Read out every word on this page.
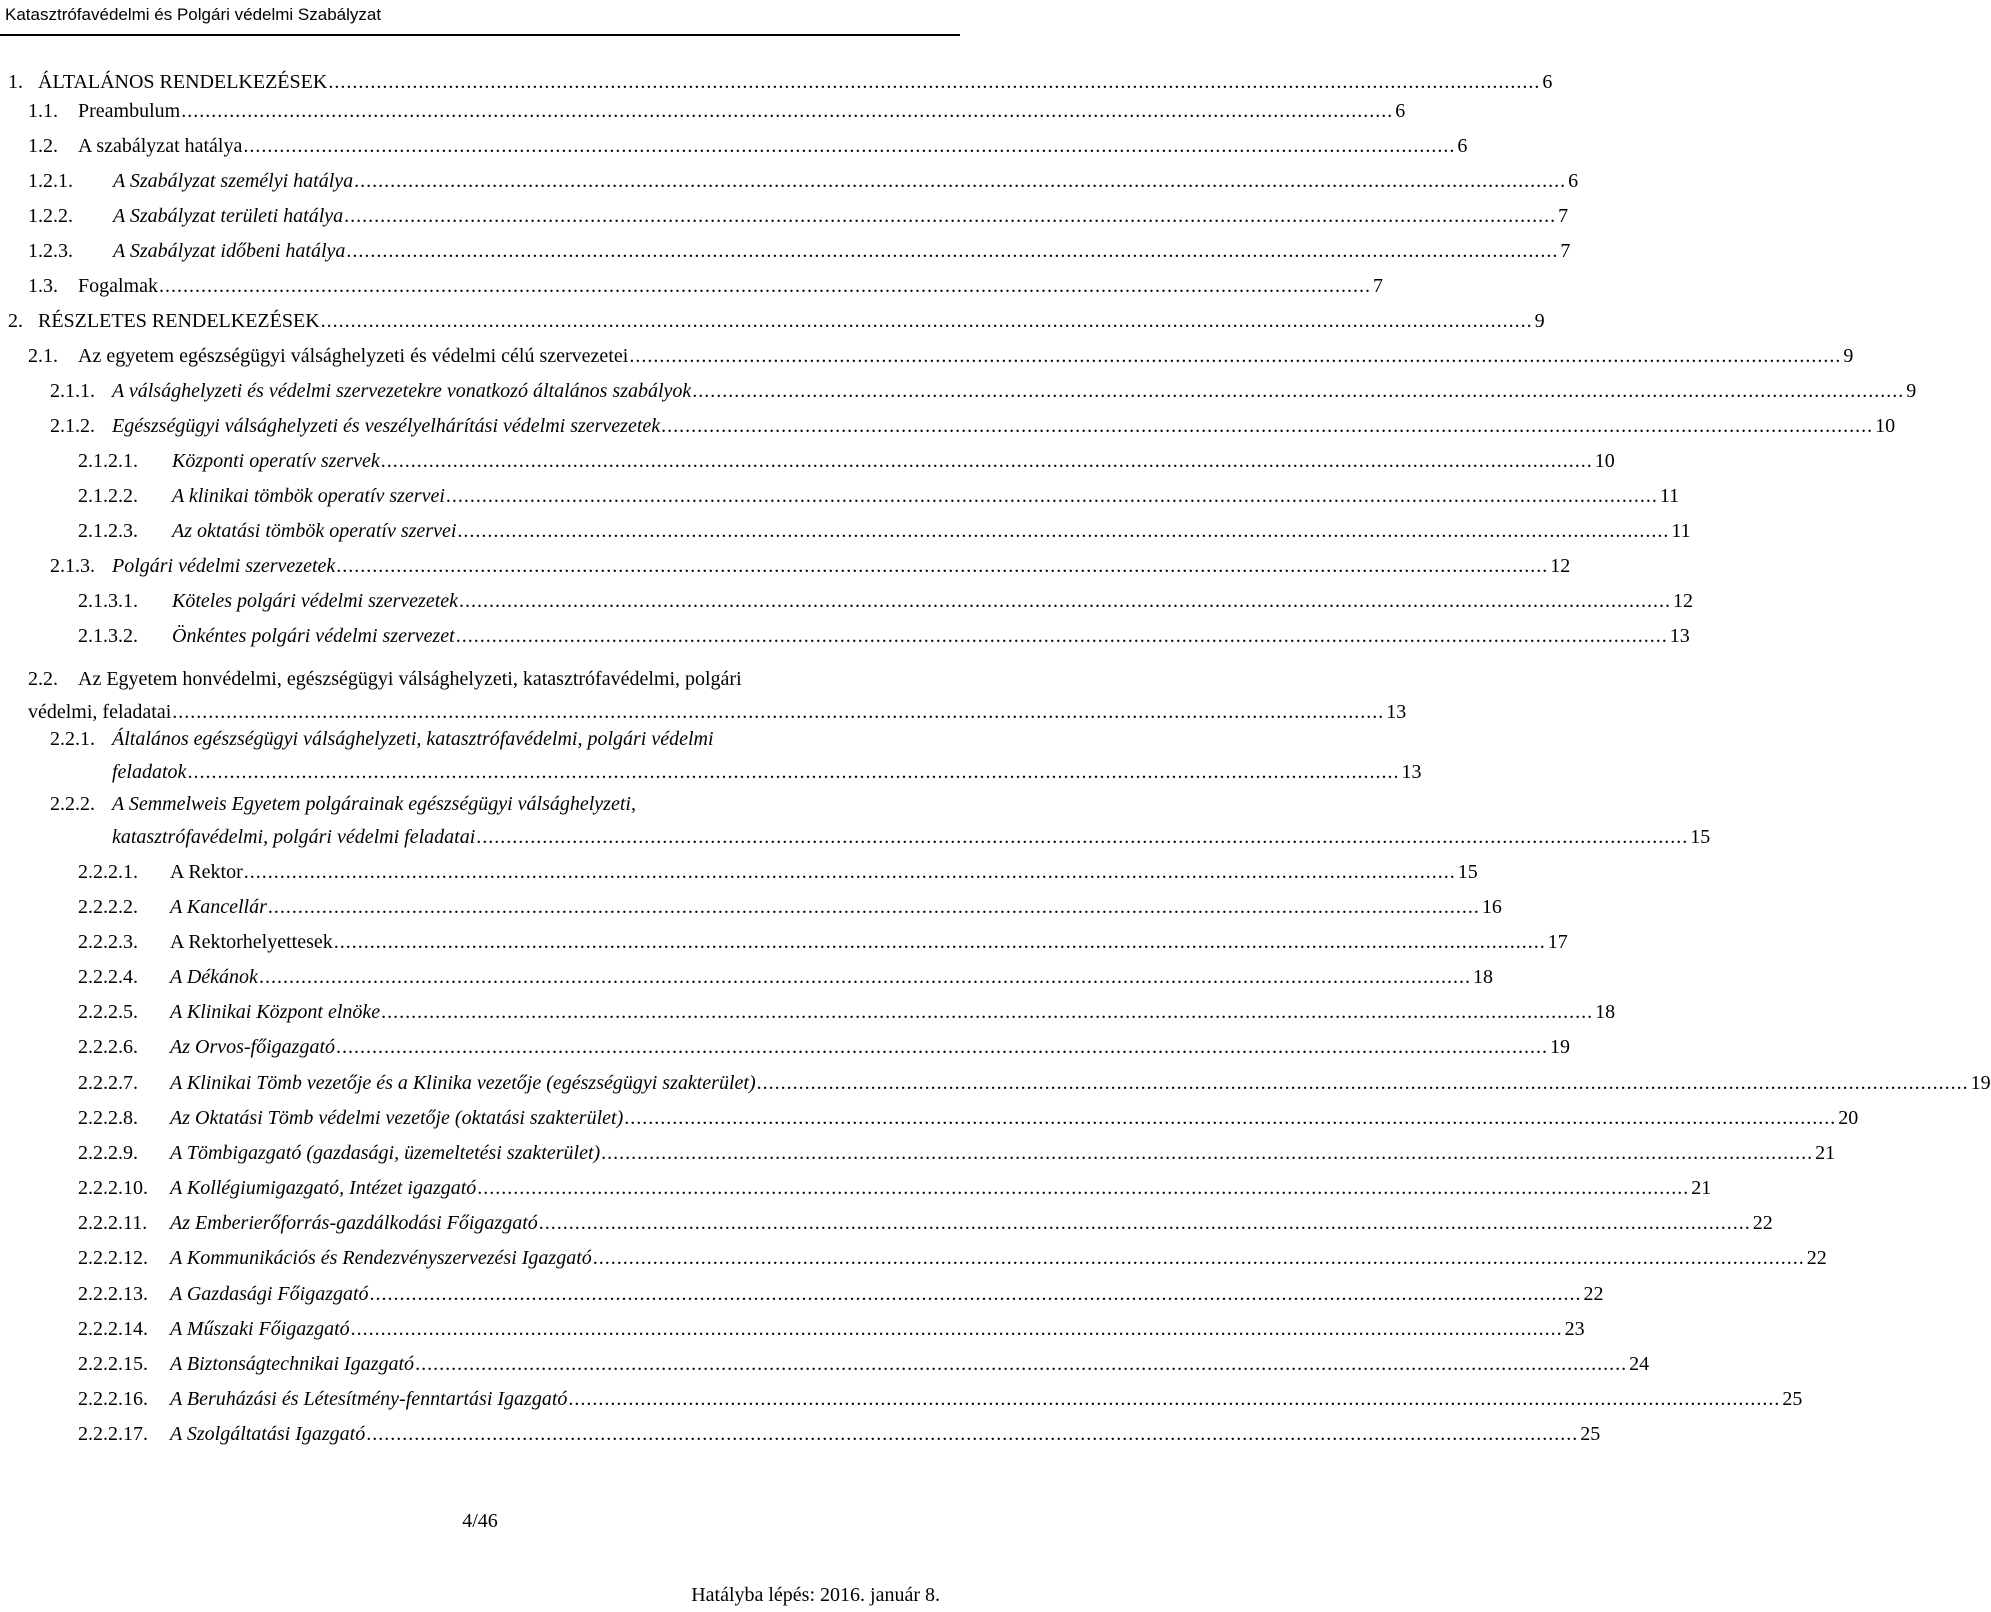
Katasztrófavédelmi és Polgári védelmi Szabályzat
1. ÁLTALÁNOS RENDELKEZÉSEK .....	6
1.1.	Preambulum .....	6
1.2.	A szabályzat hatálya .....	6
1.2.1.	A Szabályzat személyi hatálya .....	6
1.2.2.	A Szabályzat területi hatálya .....	7
1.2.3.	A Szabályzat időbeni hatálya .....	7
1.3.	Fogalmak .....	7
2. RÉSZLETES RENDELKEZÉSEK .....	9
2.1.	Az egyetem egészségügyi válsághelyzeti és védelmi célú szervezetei .....	9
2.1.1. A válsághelyzeti és védelmi szervezetekre vonatkozó általános szabályok .....	9
2.1.2. Egészségügyi válsághelyzeti és veszélyelhárítási védelmi szervezetek .....	10
2.1.2.1.	Központi operatív szervek .....	10
2.1.2.2.	A klinikai tömbök operatív szervei .....	11
2.1.2.3.	Az oktatási tömbök operatív szervei .....	11
2.1.3. Polgári védelmi szervezetek .....	12
2.1.3.1.	Köteles polgári védelmi szervezetek .....	12
2.1.3.2.	Önkéntes polgári védelmi szervezet .....	13
2.2.	Az Egyetem honvédelmi, egészségügyi válsághelyzeti, katasztrófavédelmi, polgári
védelmi, feladatai .....	13
2.2.1. Általános egészségügyi válsághelyzeti, katasztrófavédelmi, polgári védelmi
feladatok .....	13
2.2.2. A Semmelweis Egyetem polgárainak egészségügyi válsághelyzeti,
katasztrófavédelmi, polgári védelmi feladatai .....	15
2.2.2.1.	A Rektor .....	15
2.2.2.2.	A Kancellár .....	16
2.2.2.3.	A Rektorhelyettesek .....	17
2.2.2.4.	A Dékánok .....	18
2.2.2.5.	A Klinikai Központ elnöke .....	18
2.2.2.6.	Az Orvos-főigazgató .....	19
2.2.2.7.	A Klinikai Tömb vezetője és a Klinika vezetője (egészségügyi szakterület) .....	19
2.2.2.8.	Az Oktatási Tömb védelmi vezetője (oktatási szakterület) .....	20
2.2.2.9.	A Tömbigazgató (gazdasági, üzemeltetési szakterület) .....	21
2.2.2.10.	A Kollégiumigazgató, Intézet igazgató .....	21
2.2.2.11.	Az Emberierőforrás-gazdálkodási Főigazgató .....	22
2.2.2.12.	A Kommunikációs és Rendezvényszervezési Igazgató .....	22
2.2.2.13.	A Gazdasági Főigazgató .....	22
2.2.2.14.	A Műszaki Főigazgató .....	23
2.2.2.15.	A Biztonságtechnikai Igazgató .....	24
2.2.2.16.	A Beruházási és Létesítmény-fenntartási Igazgató .....	25
2.2.2.17.	A Szolgáltatási Igazgató .....	25
4/46
Hatályba lépés: 2016. január 8.
